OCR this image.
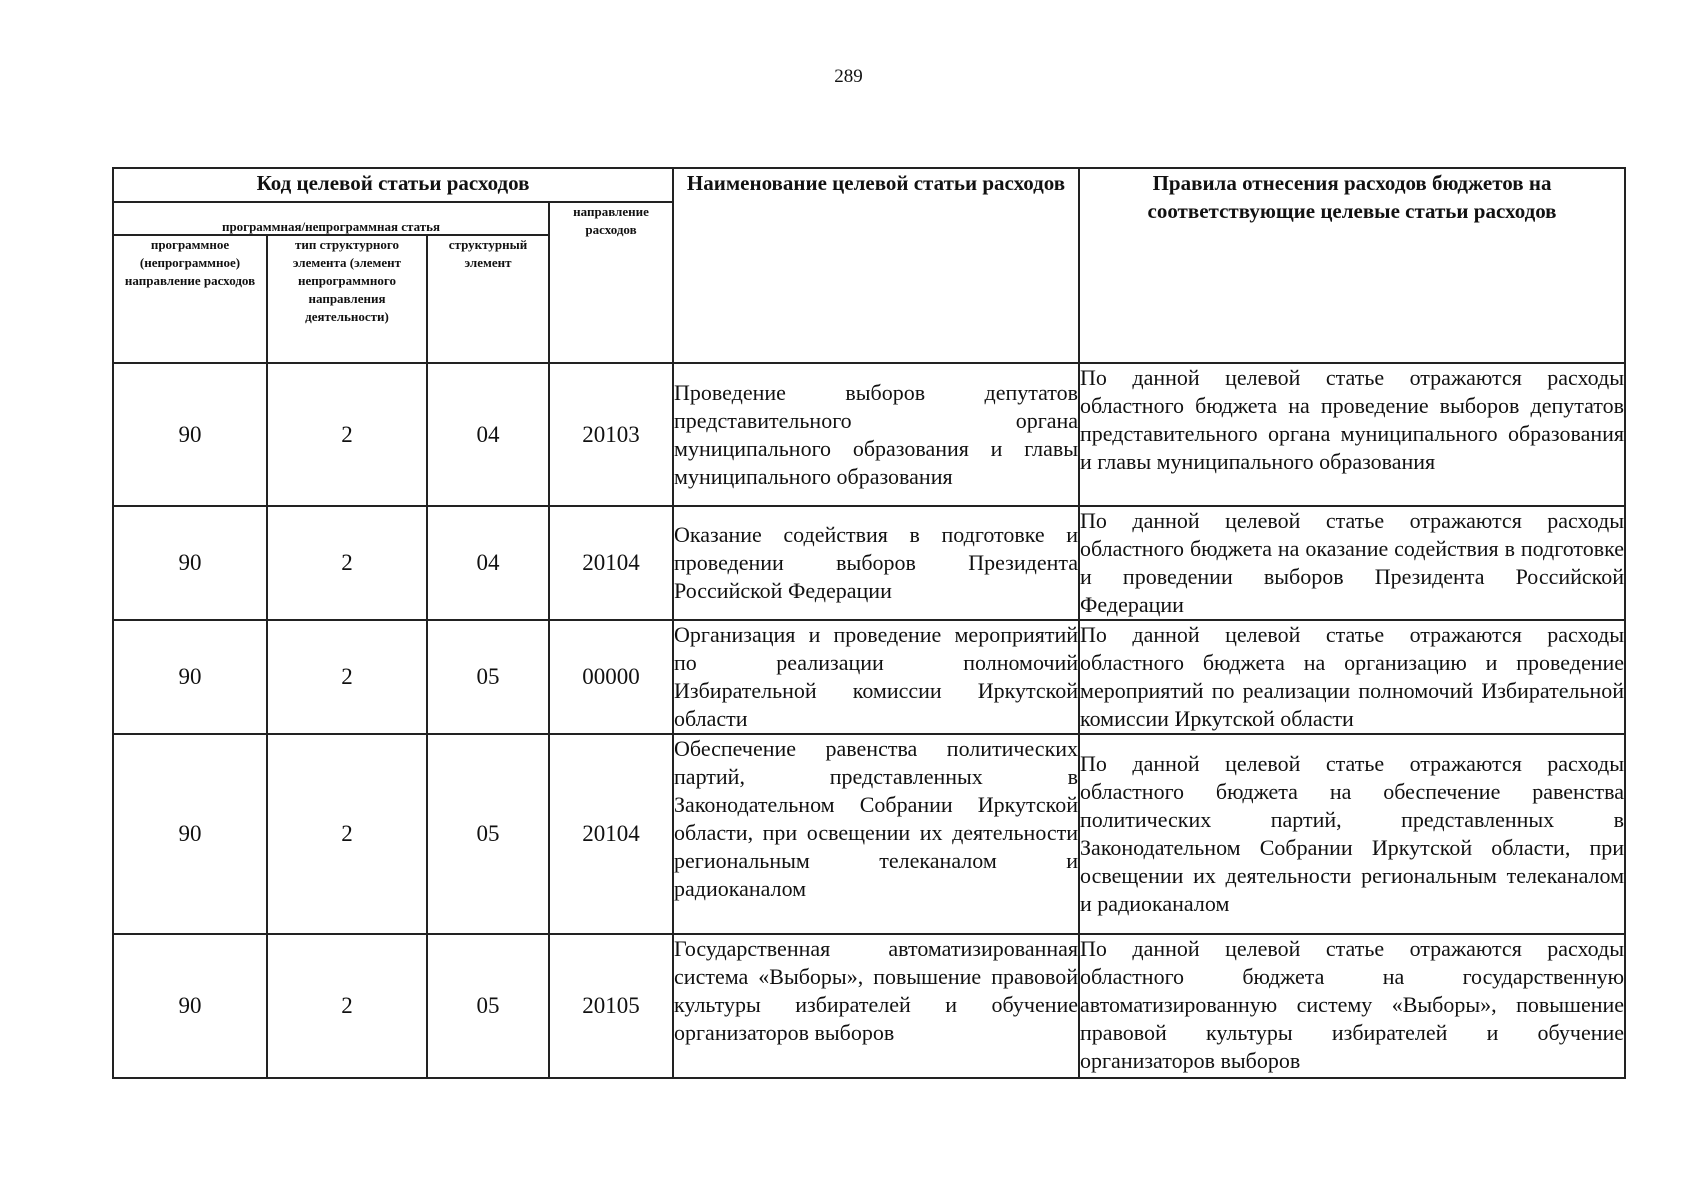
289
Код целевой статьи расходов				Наименование целевой статьи расходов	Правила отнесения расходов бюджетов на соответствующие целевые статьи расходов
программная/непрограммная статья			направление расходов		
программное (непрограммное) направление расходов	тип структурного элемента (элемент непрограммного направления деятельности)	структурный элемент			
90	2	04	20103	Проведение выборов депутатов представительного органа муниципального образования и главы муниципального образования	По данной целевой статье отражаются расходы областного бюджета на проведение выборов депутатов представительного органа муниципального образования и главы муниципального образования
90	2	04	20104	Оказание содействия в подготовке и проведении выборов Президента Российской Федерации	По данной целевой статье отражаются расходы областного бюджета на оказание содействия в подготовке и проведении выборов Президента Российской Федерации
90	2	05	00000	Организация и проведение мероприятий по реализации полномочий Избирательной комиссии Иркутской области	По данной целевой статье отражаются расходы областного бюджета на организацию и проведение мероприятий по реализации полномочий Избирательной комиссии Иркутской области
90	2	05	20104	Обеспечение равенства политических партий, представленных в Законодательном Собрании Иркутской области, при освещении их деятельности региональным телеканалом и радиоканалом	По данной целевой статье отражаются расходы областного бюджета на обеспечение равенства политических партий, представленных в Законодательном Собрании Иркутской области, при освещении их деятельности региональным телеканалом и радиоканалом
90	2	05	20105	Государственная автоматизированная система «Выборы», повышение правовой культуры избирателей и обучение организаторов выборов	По данной целевой статье отражаются расходы областного бюджета на государственную автоматизированную систему «Выборы», повышение правовой культуры избирателей и обучение организаторов выборов
